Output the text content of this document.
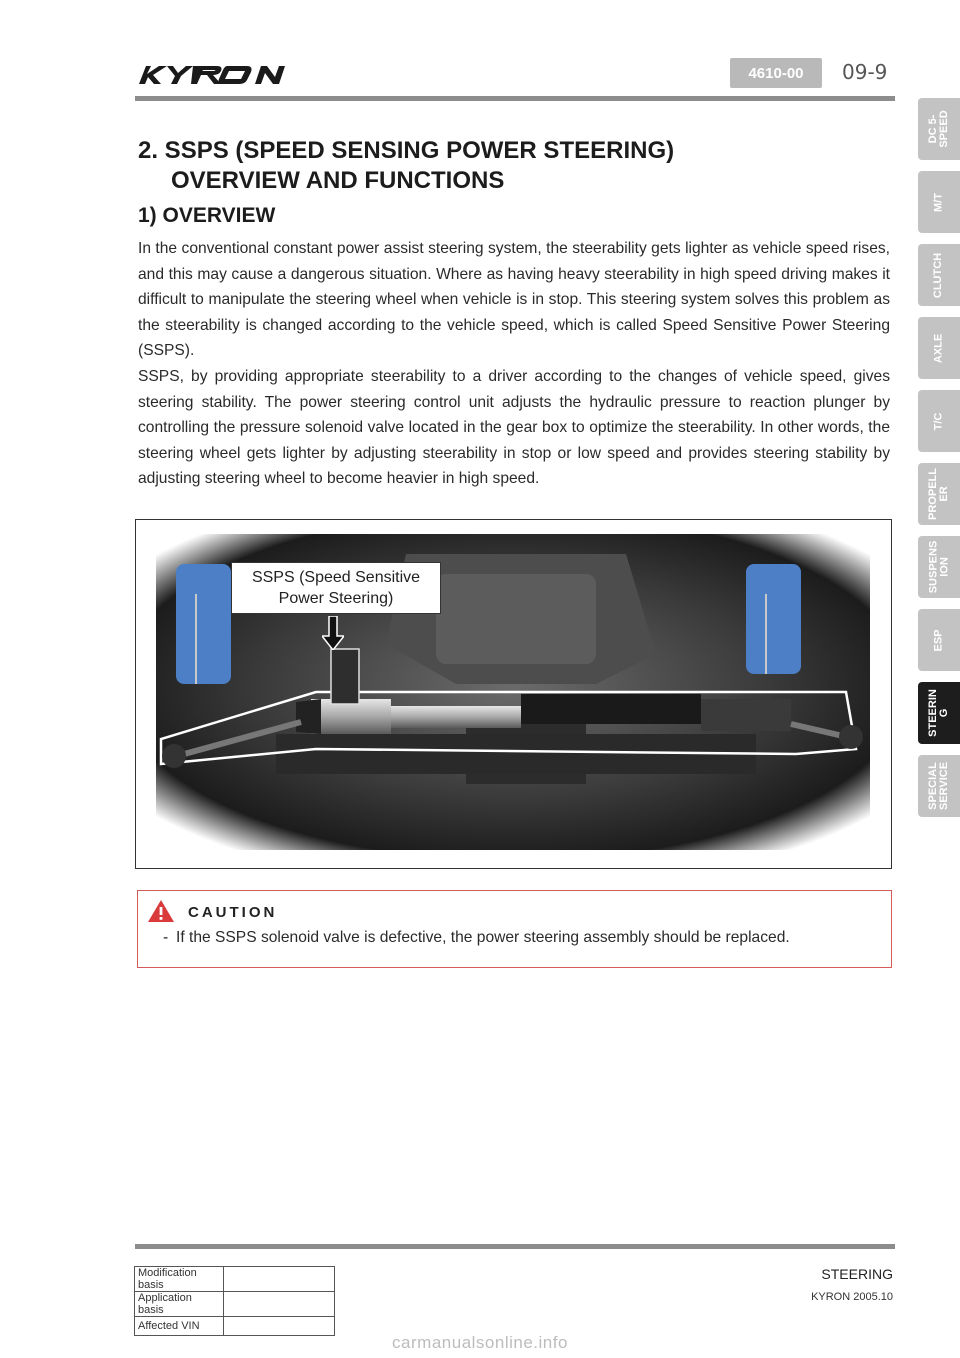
4610-00	09-9
DC 5-
SPEED
M/T
CLUTCH
AXLE
T/C
PROPELL
ER
SUSPENS
ION
ESP
STEERIN
G
SPECIAL
SERVICE
2. SSPS (SPEED SENSING POWER STEERING)
OVERVIEW AND FUNCTIONS
1) OVERVIEW

In the conventional constant power assist steering system, the steerability gets lighter as vehicle speed rises, and this may cause a dangerous situation. Where as having heavy steerability in high speed driving makes it difficult to manipulate the steering wheel when vehicle is in stop. This steering system solves this problem as the steerability is changed according to the vehicle speed, which is called Speed Sensitive Power Steering (SSPS).

SSPS, by providing appropriate steerability to a driver according to the changes of vehicle speed, gives steering stability. The power steering control unit adjusts the hydraulic pressure to reaction plunger by controlling the pressure solenoid valve located in the gear box to optimize the steerability. In other words, the steering wheel gets lighter by adjusting steerability in stop or low speed and provides steering stability by adjusting steering wheel to become heavier in high speed.

SSPS (Speed Sensitive
Power Steering)
CAUTION
- If the SSPS solenoid valve is defective, the power steering assembly should be replaced.
Modification basis	
Application basis	
Affected VIN	
STEERING
KYRON 2005.10
carmanualsonline.info
